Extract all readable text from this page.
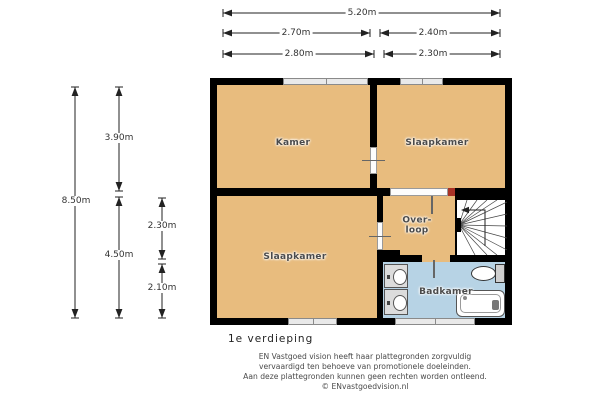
Kamer	Slaapkamer
Slaapkamer
Over-
loop
Badkamer
5.20m
2.70m	2.40m
2.80m	2.30m
8.50m
3.90m
4.50m
2.30m
2.10m
1e verdieping
EN Vastgoed vision heeft haar plattegronden zorgvuldig
vervaardigd ten behoeve van promotionele doeleinden.
Aan deze plattegronden kunnen geen rechten worden ontleend.
© ENvastgoedvision.nl
